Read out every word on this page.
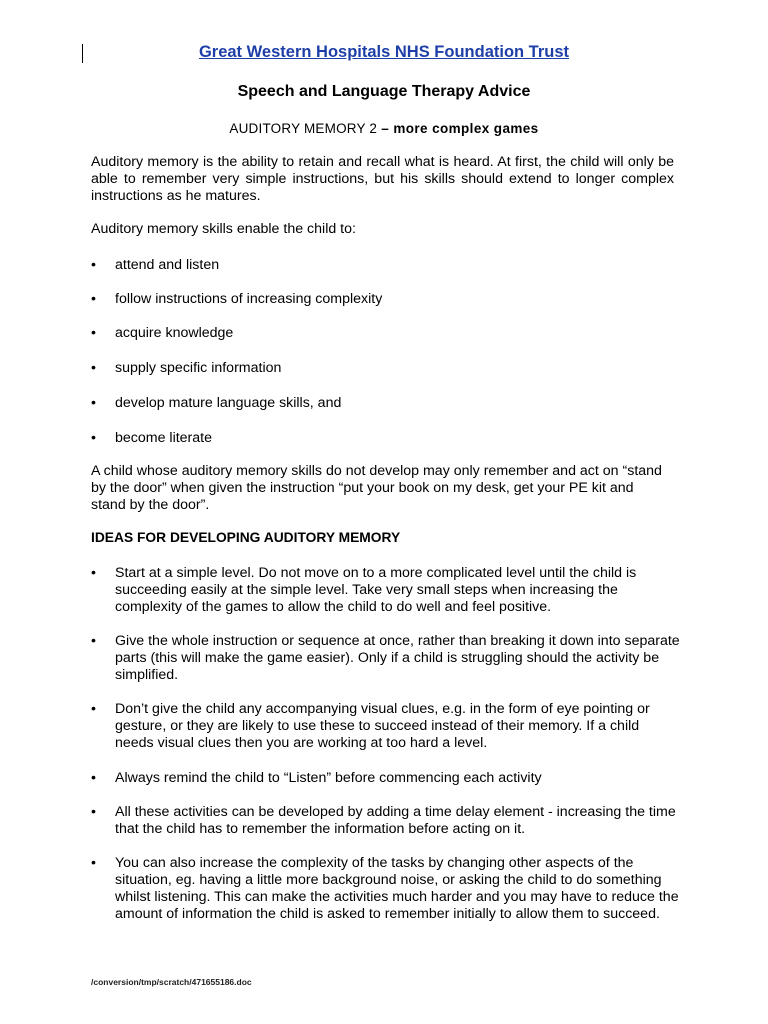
Great Western Hospitals NHS Foundation Trust
Speech and Language Therapy Advice
AUDITORY MEMORY 2 – more complex games
Auditory memory is the ability to retain and recall what is heard. At first, the child will only be able to remember very simple instructions, but his skills should extend to longer complex instructions as he matures.
Auditory memory skills enable the child to:
• attend and listen
• follow instructions of increasing complexity
• acquire knowledge
• supply specific information
• develop mature language skills, and
• become literate
A child whose auditory memory skills do not develop may only remember and act on “stand by the door” when given the instruction “put your book on my desk, get your PE kit and stand by the door”.
IDEAS FOR DEVELOPING AUDITORY MEMORY
• Start at a simple level. Do not move on to a more complicated level until the child is succeeding easily at the simple level. Take very small steps when increasing the complexity of the games to allow the child to do well and feel positive.
• Give the whole instruction or sequence at once, rather than breaking it down into separate parts (this will make the game easier). Only if a child is struggling should the activity be simplified.
• Don’t give the child any accompanying visual clues, e.g. in the form of eye pointing or gesture, or they are likely to use these to succeed instead of their memory. If a child needs visual clues then you are working at too hard a level.
• Always remind the child to “Listen” before commencing each activity
• All these activities can be developed by adding a time delay element - increasing the time that the child has to remember the information before acting on it.
• You can also increase the complexity of the tasks by changing other aspects of the situation, eg. having a little more background noise, or asking the child to do something whilst listening. This can make the activities much harder and you may have to reduce the amount of information the child is asked to remember initially to allow them to succeed.
/conversion/tmp/scratch/471655186.doc
